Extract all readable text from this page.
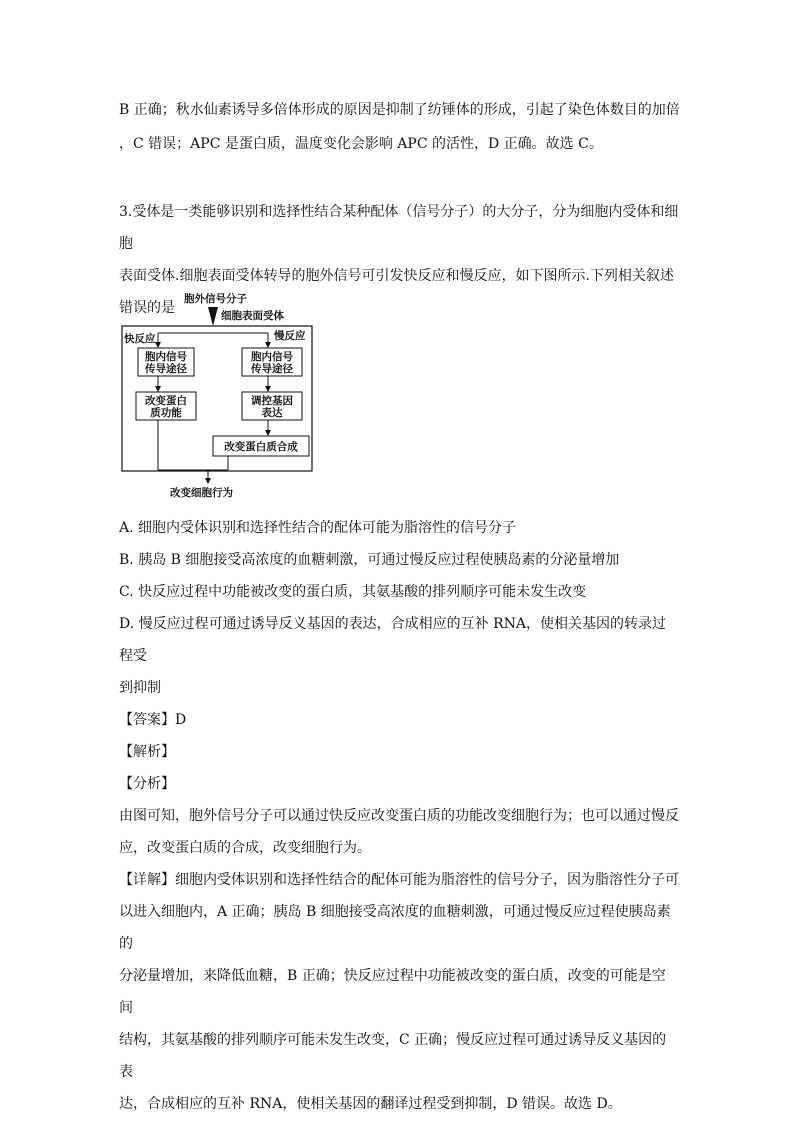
B 正确；秋水仙素诱导多倍体形成的原因是抑制了纺锤体的形成，引起了染色体数目的加倍
，C 错误；APC 是蛋白质，温度变化会影响 APC 的活性，D 正确。故选 C。

3.受体是一类能够识别和选择性结合某种配体（信号分子）的大分子，分为细胞内受体和细胞

表面受体.细胞表面受体转导的胞外信号可引发快反应和慢反应，如下图所示.下列相关叙述

错误的是

胞外信号分子
细胞表面受体
快反应	慢反应
胞内信号
传导途径
改变蛋白
质功能
胞内信号
传导途径
调控基因
表达
改变蛋白质合成
改变细胞行为

A. 细胞内受体识别和选择性结合的配体可能为脂溶性的信号分子

B. 胰岛 B 细胞接受高浓度的血糖刺激，可通过慢反应过程使胰岛素的分泌量增加

C. 快反应过程中功能被改变的蛋白质，其氨基酸的排列顺序可能未发生改变

D. 慢反应过程可通过诱导反义基因的表达，合成相应的互补 RNA，使相关基因的转录过程受

到抑制

【答案】D

【解析】

【分析】

由图可知，胞外信号分子可以通过快反应改变蛋白质的功能改变细胞行为；也可以通过慢反

应，改变蛋白质的合成，改变细胞行为。

【详解】细胞内受体识别和选择性结合的配体可能为脂溶性的信号分子，因为脂溶性分子可

以进入细胞内，A 正确；胰岛 B 细胞接受高浓度的血糖刺激，可通过慢反应过程使胰岛素的

分泌量增加，来降低血糖，B 正确；快反应过程中功能被改变的蛋白质，改变的可能是空间

结构，其氨基酸的排列顺序可能未发生改变，C 正确；慢反应过程可通过诱导反义基因的表

达，合成相应的互补 RNA，使相关基因的翻译过程受到抑制，D 错误。故选 D。
